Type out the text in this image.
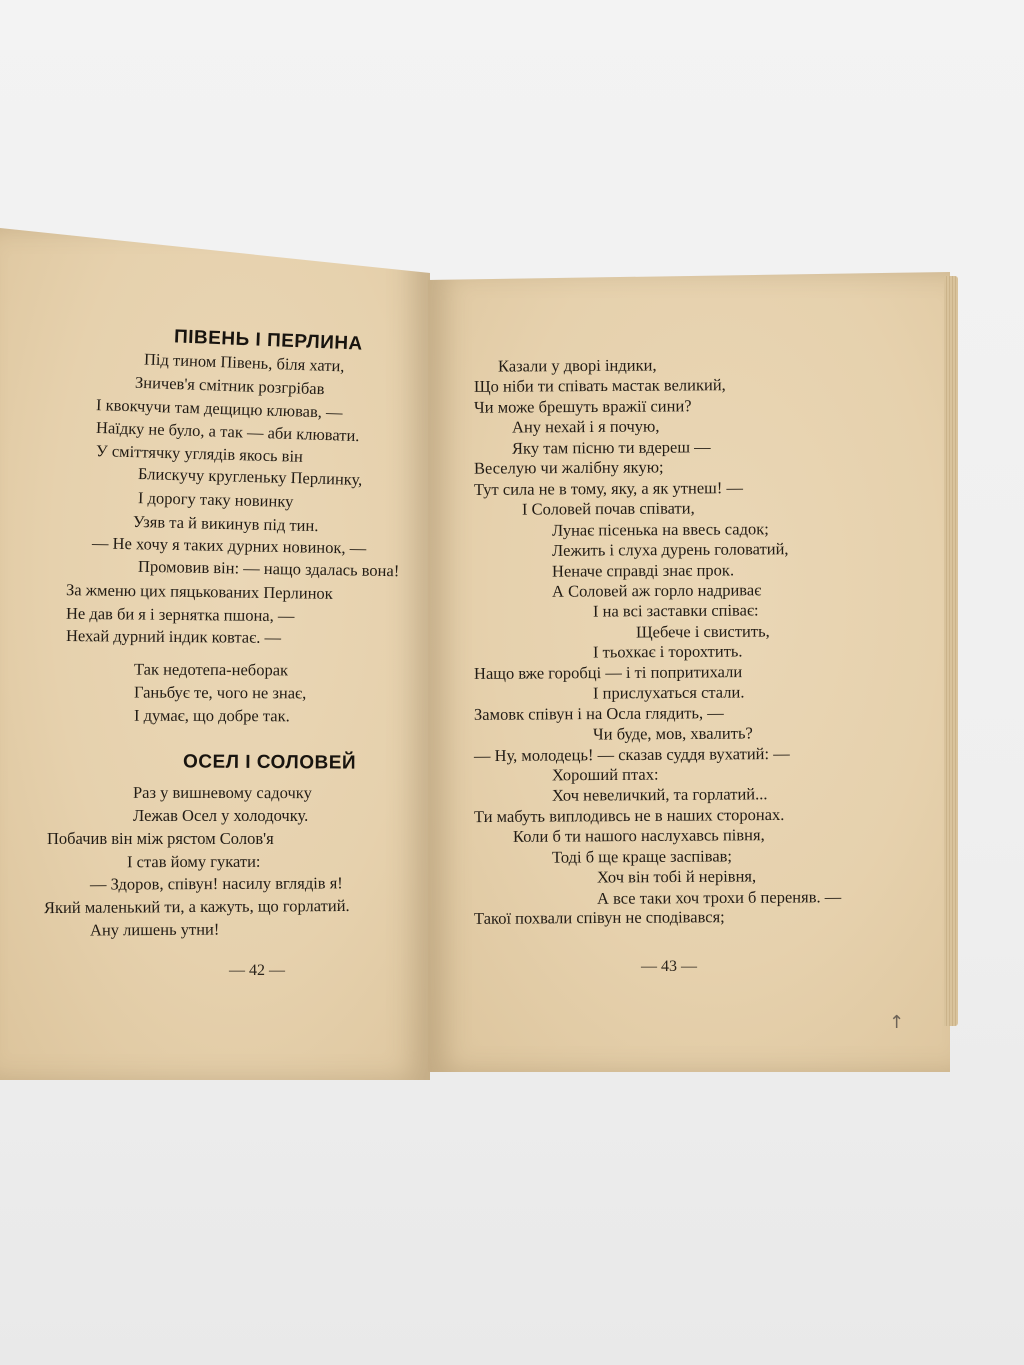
ПІВЕНЬ І ПЕРЛИНА
ОСЕЛ І СОЛОВЕЙ
— 42 —	— 43 —
↑
Під тином Півень, біля хати,
Зничев'я смітник розгрібав
І квокчучи там дещицю клював, —
Наїдку не було, а так — аби клювати.
У сміттячку углядів якось він
Блискучу кругленьку Перлинку,
І дорогу таку новинку
Узяв та й викинув під тин.
— Не хочу я таких дурних новинок, —
Промовив він: — нащо здалась вона!
За жменю цих пяцькованих Перлинок
Не дав би я і зернятка пшона, —
Нехай дурний індик ковтає. —
Так недотепа-неборак
Ганьбує те, чого не знає,
І думає, що добре так.
Раз у вишневому садочку
Лежав Осел у холодочку.
Побачив він між рястом Солов'я
І став йому гукати:
— Здоров, співун! насилу вглядів я!
Який маленький ти, а кажуть, що горлатий.
Ану лишень утни!
Казали у дворі індики,
Що ніби ти співать мастак великий,
Чи може брешуть вражії сини?
Ану нехай і я почую,
Яку там пісню ти вдереш —
Веселую чи жалібну якую;
Тут сила не в тому, яку, а як утнеш! —
І Соловей почав співати,
Лунає пісенька на ввесь садок;
Лежить і слуха дурень головатий,
Неначе справді знає прок.
А Соловей аж горло надриває
І на всі заставки співає:
Щебече і свистить,
І тьохкає і торохтить.
Нащо вже горобці — і ті попритихали
І прислухаться стали.
Замовк співун і на Осла глядить, —
Чи буде, мов, хвалить?
— Ну, молодець! — сказав суддя вухатий: —
Хороший птах:
Хоч невеличкий, та горлатий...
Ти мабуть виплодивсь не в наших сторонах.
Коли б ти нашого наслухавсь півня,
Тоді б ще краще заспівав;
Хоч він тобі й нерівня,
А все таки хоч трохи б переняв. —
Такої похвали співун не сподівався;
